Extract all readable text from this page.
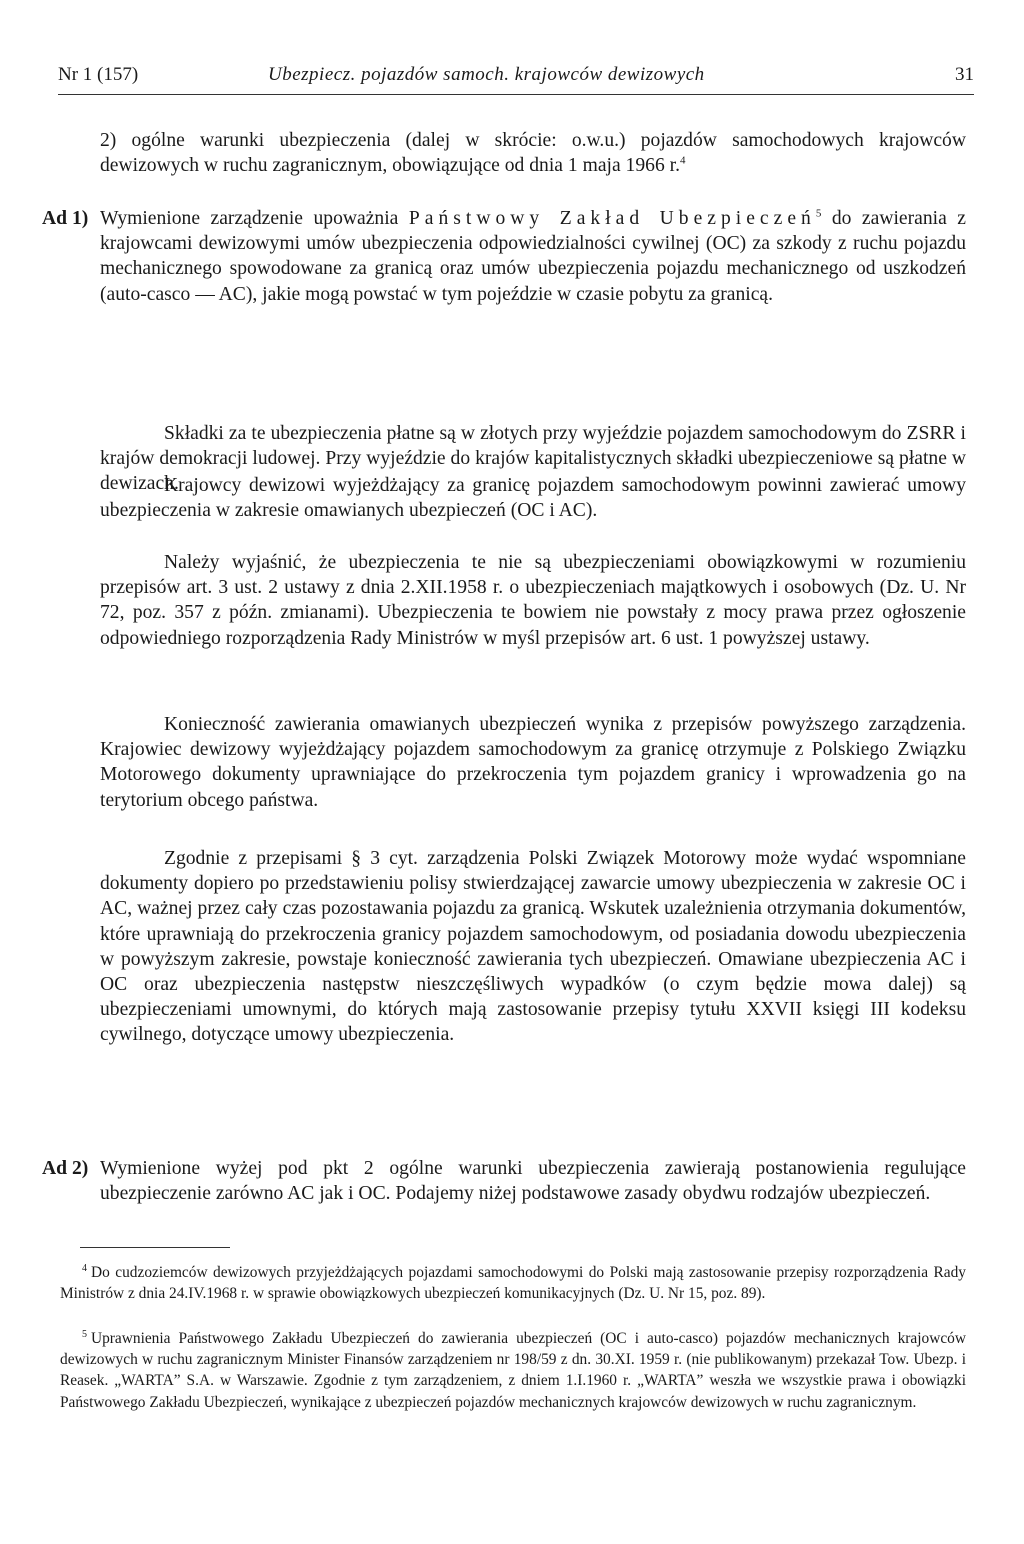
Nr 1 (157)	Ubezpiecz. pojazdów samoch. krajowców dewizowych	31

2) ogólne warunki ubezpieczenia (dalej w skrócie: o.w.u.) pojazdów samochodowych krajowców dewizowych w ruchu zagranicznym, obowiązujące od dnia 1 maja 1966 r.$^4$

Ad 1) Wymienione zarządzenie upoważnia Państwowy Zakład Ubezpieczeń$^5$ do zawierania z krajowcami dewizowymi umów ubezpieczenia odpowiedzialności cywilnej (OC) za szkody z ruchu pojazdu mechanicznego spowodowane za granicą oraz umów ubezpieczenia pojazdu mechanicznego od uszkodzeń (auto-casco — AC), jakie mogą powstać w tym pojeździe w czasie pobytu za granicą.

Składki za te ubezpieczenia płatne są w złotych przy wyjeździe pojazdem samochodowym do ZSRR i krajów demokracji ludowej. Przy wyjeździe do krajów kapitalistycznych składki ubezpieczeniowe są płatne w dewizach.

Krajowcy dewizowi wyjeżdżający za granicę pojazdem samochodowym powinni zawierać umowy ubezpieczenia w zakresie omawianych ubezpieczeń (OC i AC).

Należy wyjaśnić, że ubezpieczenia te nie są ubezpieczeniami obowiązkowymi w rozumieniu przepisów art. 3 ust. 2 ustawy z dnia 2.XII.1958 r. o ubezpieczeniach majątkowych i osobowych (Dz. U. Nr 72, poz. 357 z późn. zmianami). Ubezpieczenia te bowiem nie powstały z mocy prawa przez ogłoszenie odpowiedniego rozporządzenia Rady Ministrów w myśl przepisów art. 6 ust. 1 powyższej ustawy.

Konieczność zawierania omawianych ubezpieczeń wynika z przepisów powyższego zarządzenia. Krajowiec dewizowy wyjeżdżający pojazdem samochodowym za granicę otrzymuje z Polskiego Związku Motorowego dokumenty uprawniające do przekroczenia tym pojazdem granicy i wprowadzenia go na terytorium obcego państwa.

Zgodnie z przepisami § 3 cyt. zarządzenia Polski Związek Motorowy może wydać wspomniane dokumenty dopiero po przedstawieniu polisy stwierdzającej zawarcie umowy ubezpieczenia w zakresie OC i AC, ważnej przez cały czas pozostawania pojazdu za granicą. Wskutek uzależnienia otrzymania dokumentów, które uprawniają do przekroczenia granicy pojazdem samochodowym, od posiadania dowodu ubezpieczenia w powyższym zakresie, powstaje konieczność zawierania tych ubezpieczeń. Omawiane ubezpieczenia AC i OC oraz ubezpieczenia następstw nieszczęśliwych wypadków (o czym będzie mowa dalej) są ubezpieczeniami umownymi, do których mają zastosowanie przepisy tytułu XXVII księgi III kodeksu cywilnego, dotyczące umowy ubezpieczenia.

Ad 2) Wymienione wyżej pod pkt 2 ogólne warunki ubezpieczenia zawierają postanowienia regulujące ubezpieczenie zarówno AC jak i OC. Podajemy niżej podstawowe zasady obydwu rodzajów ubezpieczeń.

$^4$ Do cudzoziemców dewizowych przyjeżdżających pojazdami samochodowymi do Polski mają zastosowanie przepisy rozporządzenia Rady Ministrów z dnia 24.IV.1968 r. w sprawie obowiązkowych ubezpieczeń komunikacyjnych (Dz. U. Nr 15, poz. 89).

$^5$ Uprawnienia Państwowego Zakładu Ubezpieczeń do zawierania ubezpieczeń (OC i auto-casco) pojazdów mechanicznych krajowców dewizowych w ruchu zagranicznym Minister Finansów zarządzeniem nr 198/59 z dn. 30.XI. 1959 r. (nie publikowanym) przekazał Tow. Ubezp. i Reasek. „WARTA” S.A. w Warszawie. Zgodnie z tym zarządzeniem, z dniem 1.I.1960 r. „WARTA” weszła we wszystkie prawa i obowiązki Państwowego Zakładu Ubezpieczeń, wynikające z ubezpieczeń pojazdów mechanicznych krajowców dewizowych w ruchu zagranicznym.
